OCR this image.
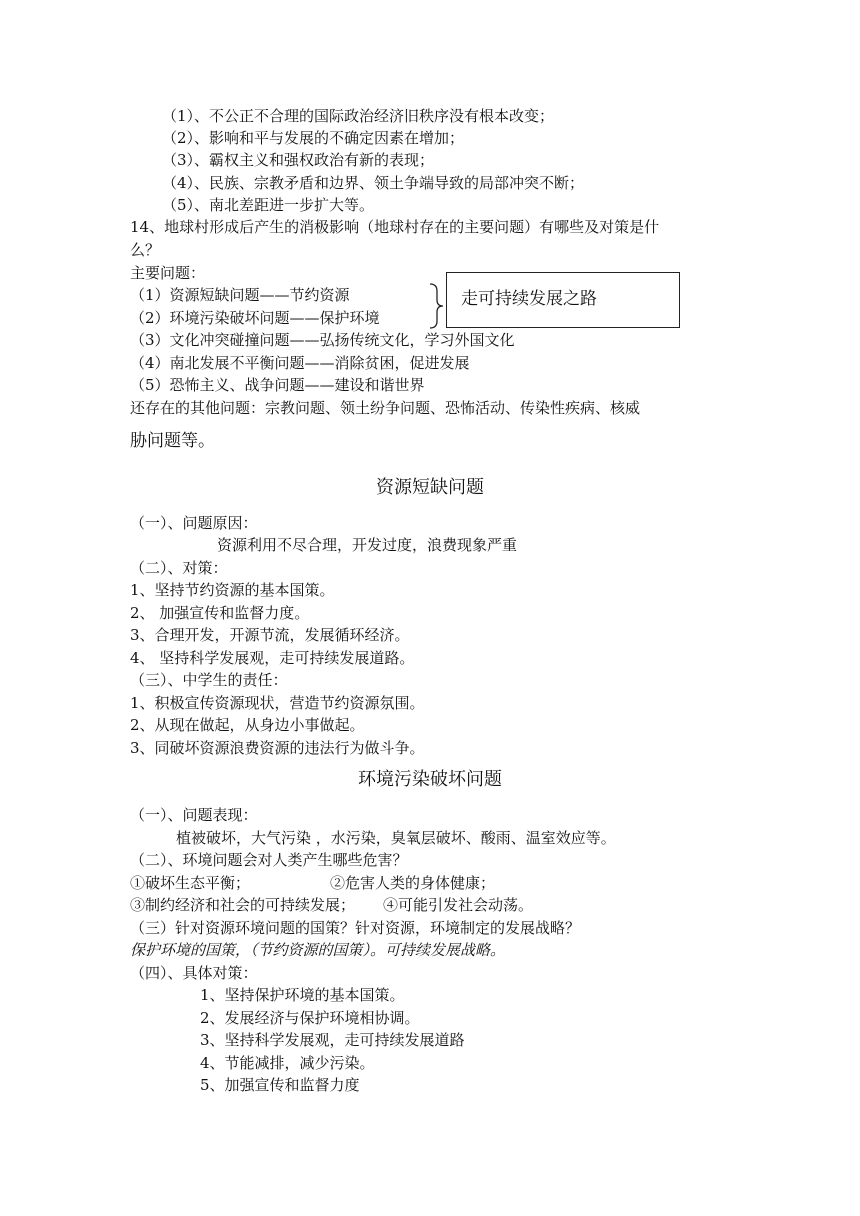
（1）、不公正不合理的国际政治经济旧秩序没有根本改变；
（2）、影响和平与发展的不确定因素在增加；
（3）、霸权主义和强权政治有新的表现；
（4）、民族、宗教矛盾和边界、领土争端导致的局部冲突不断；
（5）、南北差距进一步扩大等。
14、地球村形成后产生的消极影响（地球村存在的主要问题）有哪些及对策是什
么？
主要问题：
（1）资源短缺问题——节约资源
（2）环境污染破坏问题——保护环境
（3）文化冲突碰撞问题——弘扬传统文化，学习外国文化
（4）南北发展不平衡问题——消除贫困，促进发展
（5）恐怖主义、战争问题——建设和谐世界
走可持续发展之路
还存在的其他问题：宗教问题、领土纷争问题、恐怖活动、传染性疾病、核威
胁问题等。
资源短缺问题
（一）、问题原因：
资源利用不尽合理，开发过度，浪费现象严重
（二）、对策：
1、坚持节约资源的基本国策。
2、 加强宣传和监督力度。
3、合理开发，开源节流，发展循环经济。
4、 坚持科学发展观，走可持续发展道路。
（三）、中学生的责任：
1、积极宣传资源现状，营造节约资源氛围。
2、从现在做起，从身边小事做起。
3、同破坏资源浪费资源的违法行为做斗争。
环境污染破坏问题
（一）、问题表现：
植被破坏，大气污染 ，水污染，臭氧层破坏、酸雨、温室效应等。
（二）、环境问题会对人类产生哪些危害？
①破坏生态平衡；	②危害人类的身体健康；
③制约经济和社会的可持续发展； ④可能引发社会动荡。
（三）针对资源环境问题的国策？针对资源，环境制定的发展战略？
保护环境的国策，（节约资源的国策）。可持续发展战略。
（四）、具体对策：
1、坚持保护环境的基本国策。
2、发展经济与保护环境相协调。
3、坚持科学发展观，走可持续发展道路
4、节能减排，减少污染。
5、加强宣传和监督力度
